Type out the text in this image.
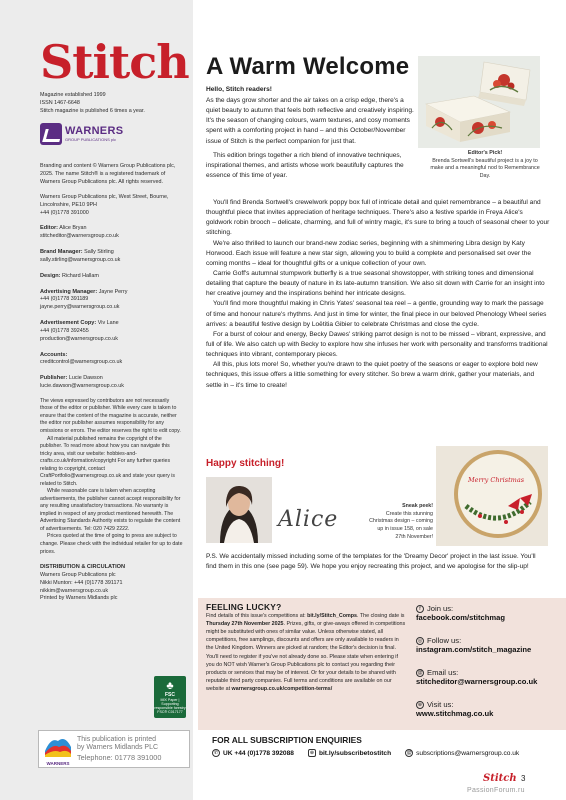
Stitch
Magazine established 1999
ISSN 1467-6648
Stitch magazine is published 6 times a year.
WARNERS
GROUP PUBLICATIONS plc

Branding and content © Warners Group Publications plc, 2025. The name Stitch® is a registered trademark of Warners Group Publications plc. All rights reserved.

Warners Group Publications plc, West Street, Bourne, Lincolnshire, PE10 9PH
+44 (0)1778 391000

Editor: Alice Bryan
stitcheditor@warnersgroup.co.uk
Brand Manager: Sally Stirling
sally.stirling@warnersgroup.co.uk
Design: Richard Hallam
Advertising Manager: Jayne Perry
+44 (0)1778 391189
jayne.perry@warnersgroup.co.uk
Advertisement Copy: Viv Lane
+44 (0)1778 392455
production@warnersgroup.co.uk
Accounts:
creditcontrol@warnersgroup.co.uk
Publisher: Lucie Dawson
lucie.dawson@warnersgroup.co.uk

The views expressed by contributors are not necessarily those of the editor or publisher. While every care is taken to ensure that the content of the magazine is accurate, neither the editor nor publisher assumes responsibility for any omissions or errors. The editor reserves the right to edit copy.

All material published remains the copyright of the publisher. To read more about how you can navigate this tricky area, visit our website: hobbies-and-crafts.co.uk/information/copyright For any further queries relating to copyright, contact CraftPortfolio@warnersgroup.co.uk and state your query is related to Stitch.

While reasonable care is taken when accepting advertisements, the publisher cannot accept responsibility for any resulting unsatisfactory transactions. No warranty is implied in respect of any product mentioned herewith. The Advertising Standards Authority exists to regulate the content of advertisements. Tel: 020 7429 2222.

Prices quoted at the time of going to press are subject to change. Please check with the individual retailer for up to date prices.

DISTRIBUTION & CIRCULATION
Warners Group Publications plc
Nikki Munton: +44 (0)1778 391171
nikkim@warnersgroup.co.uk
Printed by Warners Midlands plc
♣
FSC
MIX Paper | Supporting responsible forestry FSC® C017177
WARNERS
This publication is printed
by Warners Midlands PLC
Telephone: 01778 391000
A Warm Welcome
Hello, Stitch readers!

As the days grow shorter and the air takes on a crisp edge, there's a quiet beauty to autumn that feels both reflective and creatively inspiring. It's the season of changing colours, warm textures, and cosy moments spent with a comforting project in hand – and this October/November issue of Stitch is the perfect companion for just that.

This edition brings together a rich blend of innovative techniques, inspirational themes, and artists whose work beautifully captures the essence of this time of year.

Editor's Pick!
Brenda Sortwell's beautiful project is a joy to make and a meaningful nod to Remembrance Day.

You'll find Brenda Sortwell's crewelwork poppy box full of intricate detail and quiet remembrance – a beautiful and thoughtful piece that invites appreciation of heritage techniques. There's also a festive sparkle in Freya Alice's goldwork robin brooch – delicate, charming, and full of wintry magic, it's sure to bring a touch of seasonal cheer to your stitching.

We're also thrilled to launch our brand-new zodiac series, beginning with a shimmering Libra design by Katy Horwood. Each issue will feature a new star sign, allowing you to build a complete and personalised set over the coming months – ideal for thoughtful gifts or a unique collection of your own.

Carrie Goff's autumnal stumpwork butterfly is a true seasonal showstopper, with striking tones and dimensional detailing that capture the beauty of nature in its late-autumn transition. We also sit down with Carrie for an insight into her creative journey and the inspirations behind her intricate designs.

You'll find more thoughtful making in Chris Yates' seasonal tea reel – a gentle, grounding way to mark the passage of time and honour nature's rhythms. And just in time for winter, the final piece in our beloved Phenology Wheel series arrives: a beautiful festive design by Loëtitia Gibier to celebrate Christmas and close the cycle.

For a burst of colour and energy, Becky Dawes' striking parrot design is not to be missed – vibrant, expressive, and full of life. We also catch up with Becky to explore how she infuses her work with personality and transforms traditional techniques into vibrant, contemporary pieces.

All this, plus lots more! So, whether you're drawn to the quiet poetry of the seasons or eager to explore bold new techniques, this issue offers a little something for every stitcher. So brew a warm drink, gather your materials, and settle in – it's time to create!

Happy stitching!
Alice
Sneak peek!
Create this stunning Christmas design – coming up in issue 158, on sale 27th November!
Merry Christmas
P.S. We accidentally missed including some of the templates for the 'Dreamy Decor' project in the last issue. You'll find them in this one (see page 59). We hope you enjoy recreating this project, and we apologise for the slip-up!
FEELING LUCKY?
Find details of this issue's competitions at: bit.ly/Stitch_Comps. The closing date is Thursday 27th November 2025. Prizes, gifts, or give-aways offered in competitions might be substituted with ones of similar value. Unless otherwise stated, all competitions, free samplings, discounts and offers are only available to readers in the United Kingdom. Winners are picked at random; the Editor's decision is final. You'll need to register if you've not already done so. Please state when entering if you do NOT wish Warner's Group Publications plc to contact you regarding their products or services that may be of interest. Or for your details to be shared with reputable third party companies. Full terms and conditions are available on our website at warnersgroup.co.uk/competition-terms/
f Join us:
facebook.com/stitchmag
◎ Follow us:
instagram.com/stitch_magazine
@ Email us:
stitcheditor@warnersgroup.co.uk
⊕ Visit us:
www.stitchmag.co.uk
FOR ALL SUBSCRIPTION ENQUIRIES
✆ UK +44 (0)1778 392088	⊕ bit.ly/subscribetostitch	@ subscriptions@warnersgroup.co.uk
Stitch 3
PassionForum.ru
